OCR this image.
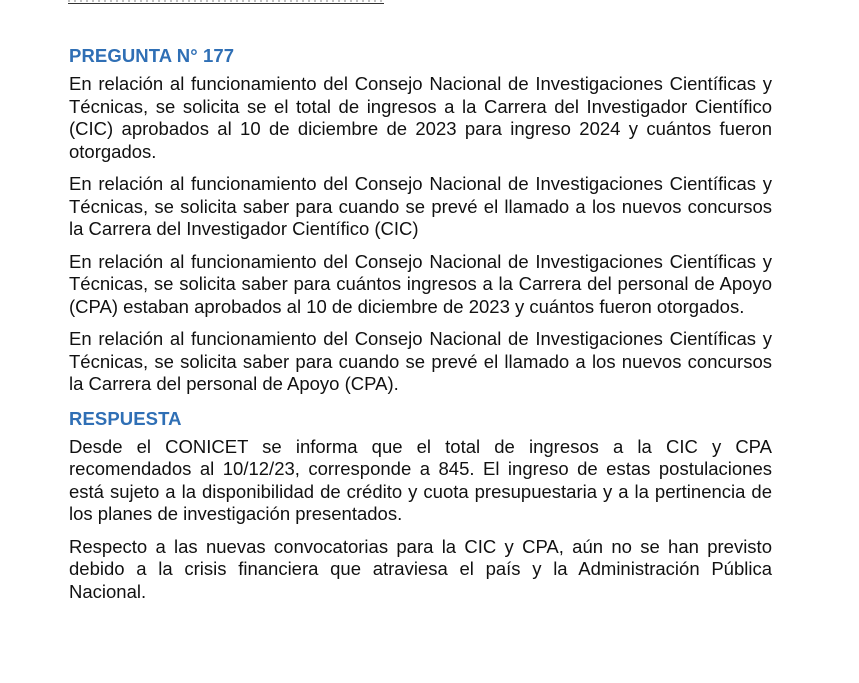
PREGUNTA N° 177

En relación al funcionamiento del Consejo Nacional de Investigaciones Científicas y Técnicas, se solicita se el total de ingresos a la Carrera del Investigador Científico (CIC) aprobados al 10 de diciembre de 2023 para ingreso 2024 y cuántos fueron otorgados.

En relación al funcionamiento del Consejo Nacional de Investigaciones Científicas y Técnicas, se solicita saber para cuando se prevé el llamado a los nuevos concursos la Carrera del Investigador Científico (CIC)

En relación al funcionamiento del Consejo Nacional de Investigaciones Científicas y Técnicas, se solicita saber para cuántos ingresos a la Carrera del personal de Apoyo (CPA) estaban aprobados al 10 de diciembre de 2023 y cuántos fueron otorgados.

En relación al funcionamiento del Consejo Nacional de Investigaciones Científicas y Técnicas, se solicita saber para cuando se prevé el llamado a los nuevos concursos la Carrera del personal de Apoyo (CPA).

RESPUESTA

Desde el CONICET se informa que el total de ingresos a la CIC y CPA recomendados al 10/12/23, corresponde a 845. El ingreso de estas postulaciones está sujeto a la disponibilidad de crédito y cuota presupuestaria y a la pertinencia de los planes de investigación presentados.

Respecto a las nuevas convocatorias para la CIC y CPA, aún no se han previsto debido a la crisis financiera que atraviesa el país y la Administración Pública Nacional.
